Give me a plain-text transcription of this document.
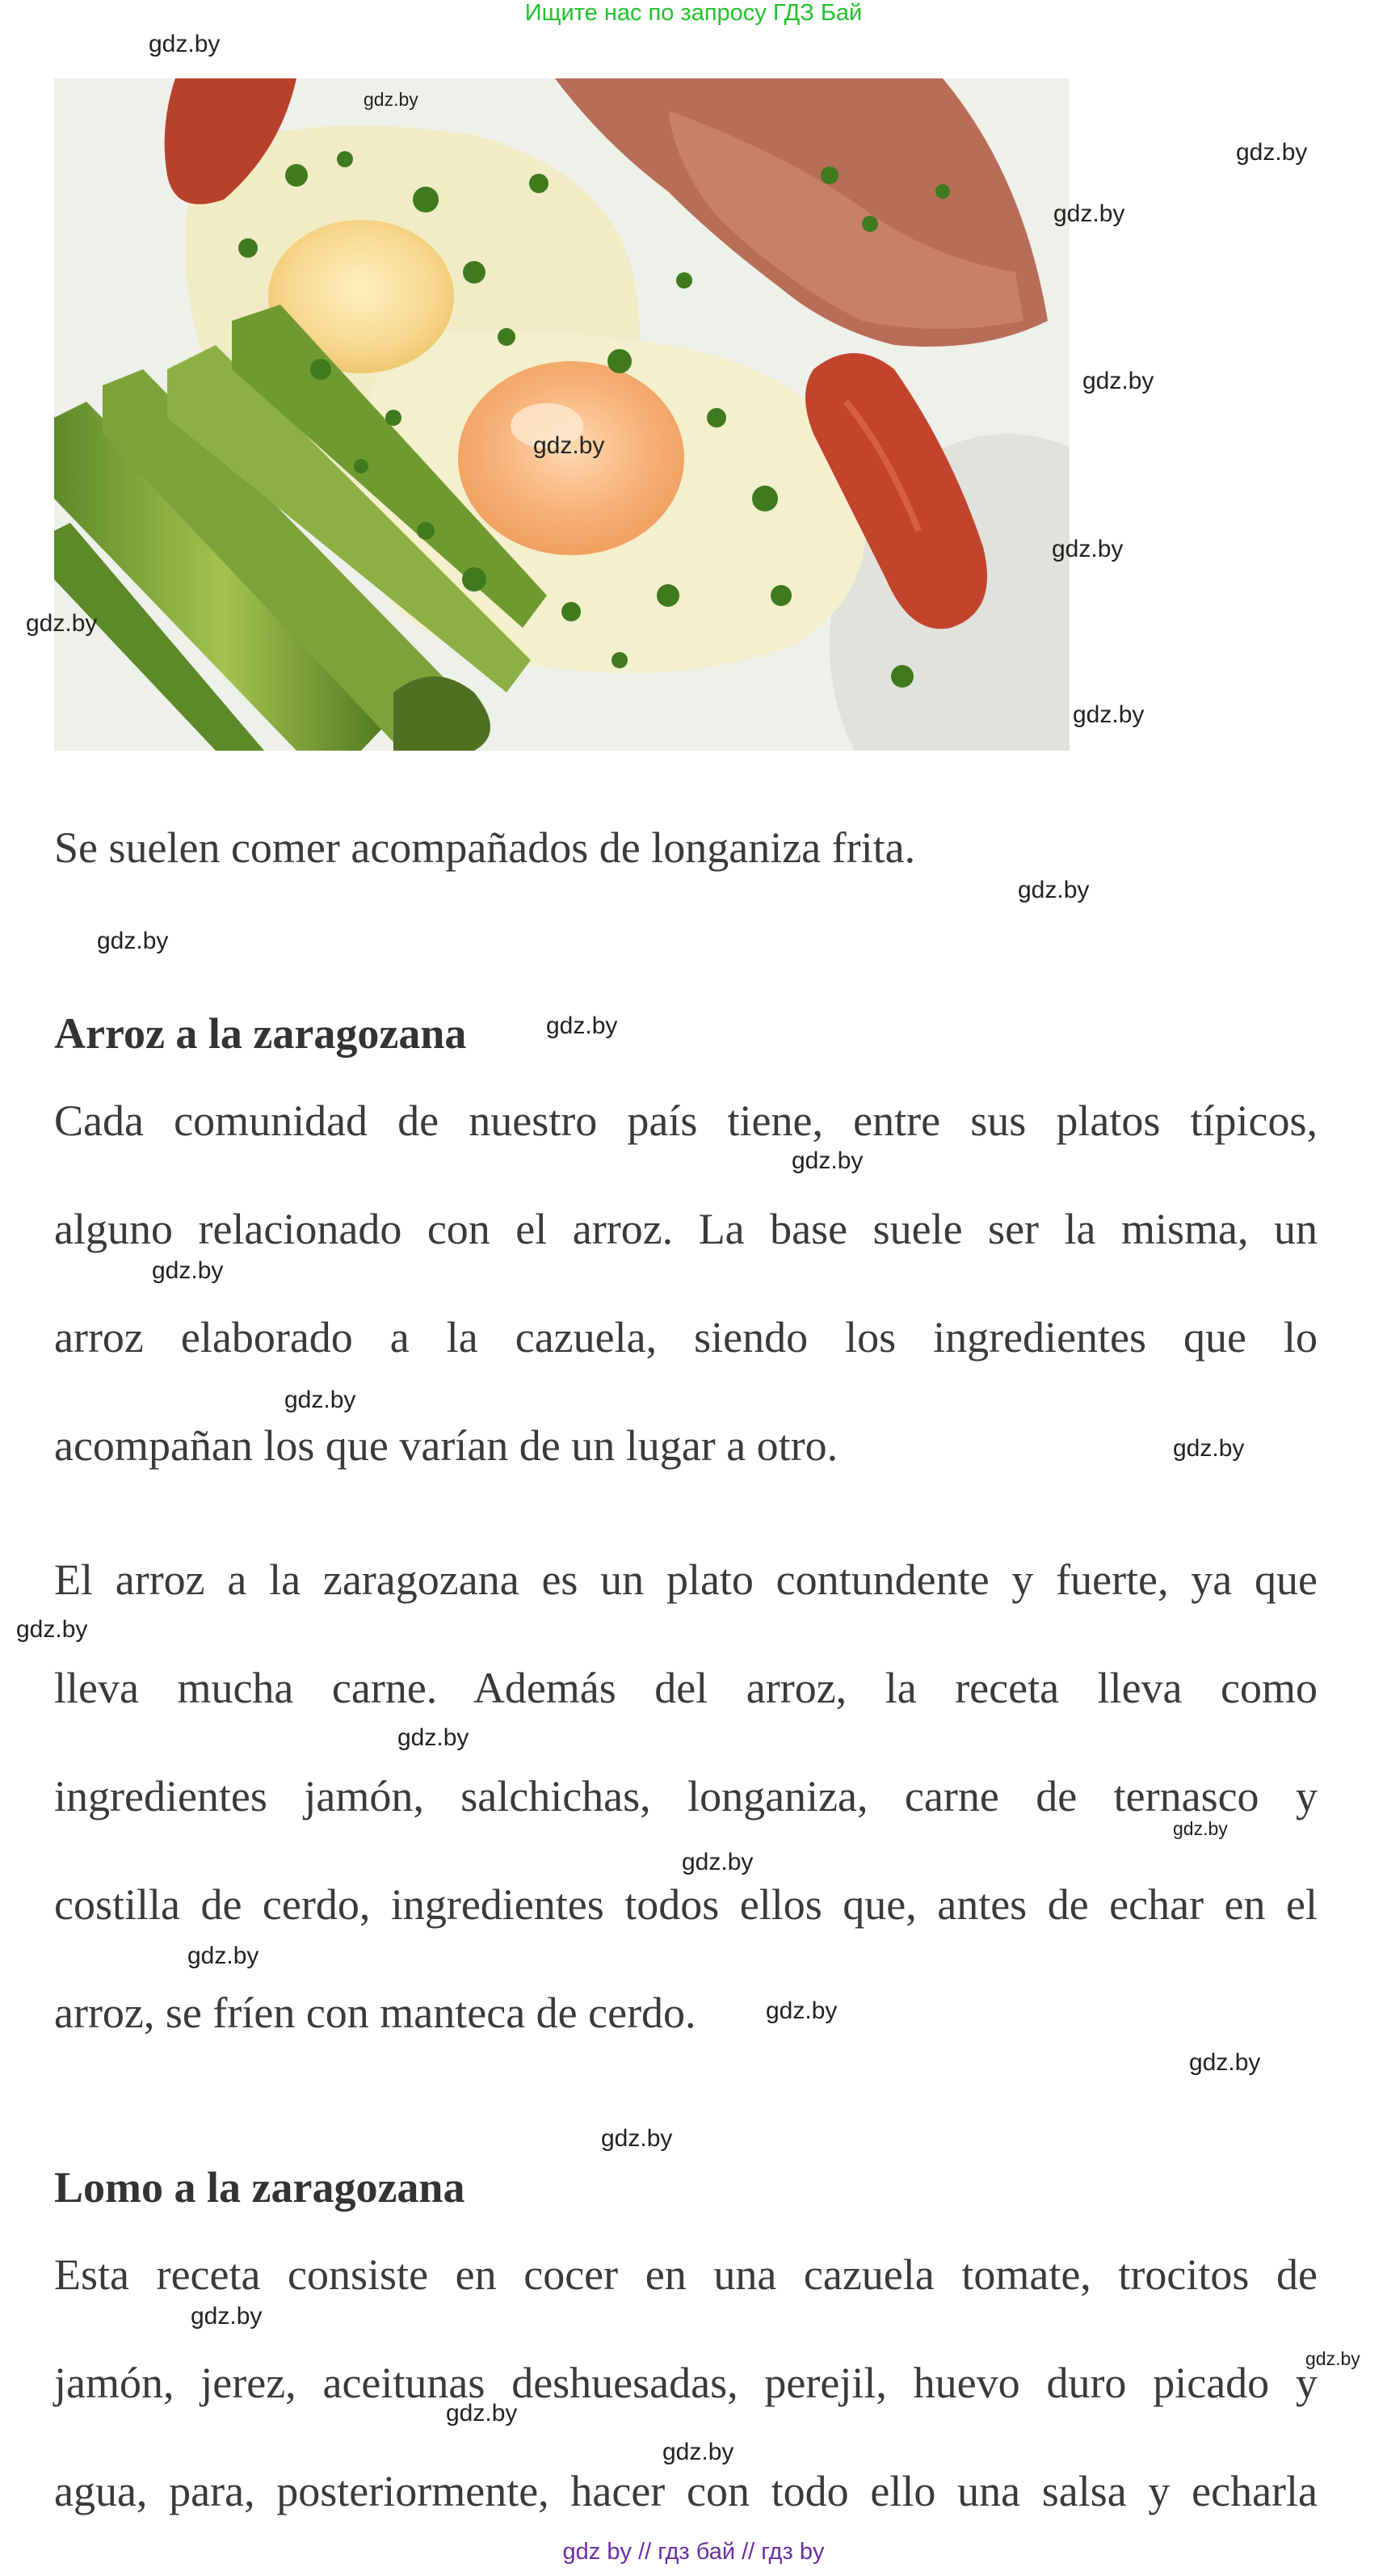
Ищите нас по запросу ГДЗ Бай
gdz.by
gdz.by
gdz.by
gdz.by
gdz.by
gdz.by
gdz.by
gdz.by
gdz.by
Se suelen comer acompañados de longaniza frita.
gdz.by
gdz.by
Arroz a la zaragozana	gdz.by
Cada comunidad de nuestro país tiene, entre sus platos típicos,
alguno relacionado con el arroz. La base suele ser la misma, un
arroz elaborado a la cazuela, siendo los ingredientes que lo
acompañan los que varían de un lugar a otro.
gdz.by
gdz.by
gdz.by
gdz.by
El arroz a la zaragozana es un plato contundente y fuerte, ya que
lleva mucha carne. Además del arroz, la receta lleva como
ingredientes jamón, salchichas, longaniza, carne de ternasco y
costilla de cerdo, ingredientes todos ellos que, antes de echar en el
arroz, se fríen con manteca de cerdo.
gdz.by
gdz.by
gdz.by
gdz.by
gdz.by
gdz.by
gdz.by
gdz.by
Lomo a la zaragozana
Esta receta consiste en cocer en una cazuela tomate, trocitos de
jamón, jerez, aceitunas deshuesadas, perejil, huevo duro picado y
agua, para, posteriormente, hacer con todo ello una salsa y echarla
gdz.by
gdz.by
gdz.by
gdz.by
gdz by // гдз бай // гдз by
